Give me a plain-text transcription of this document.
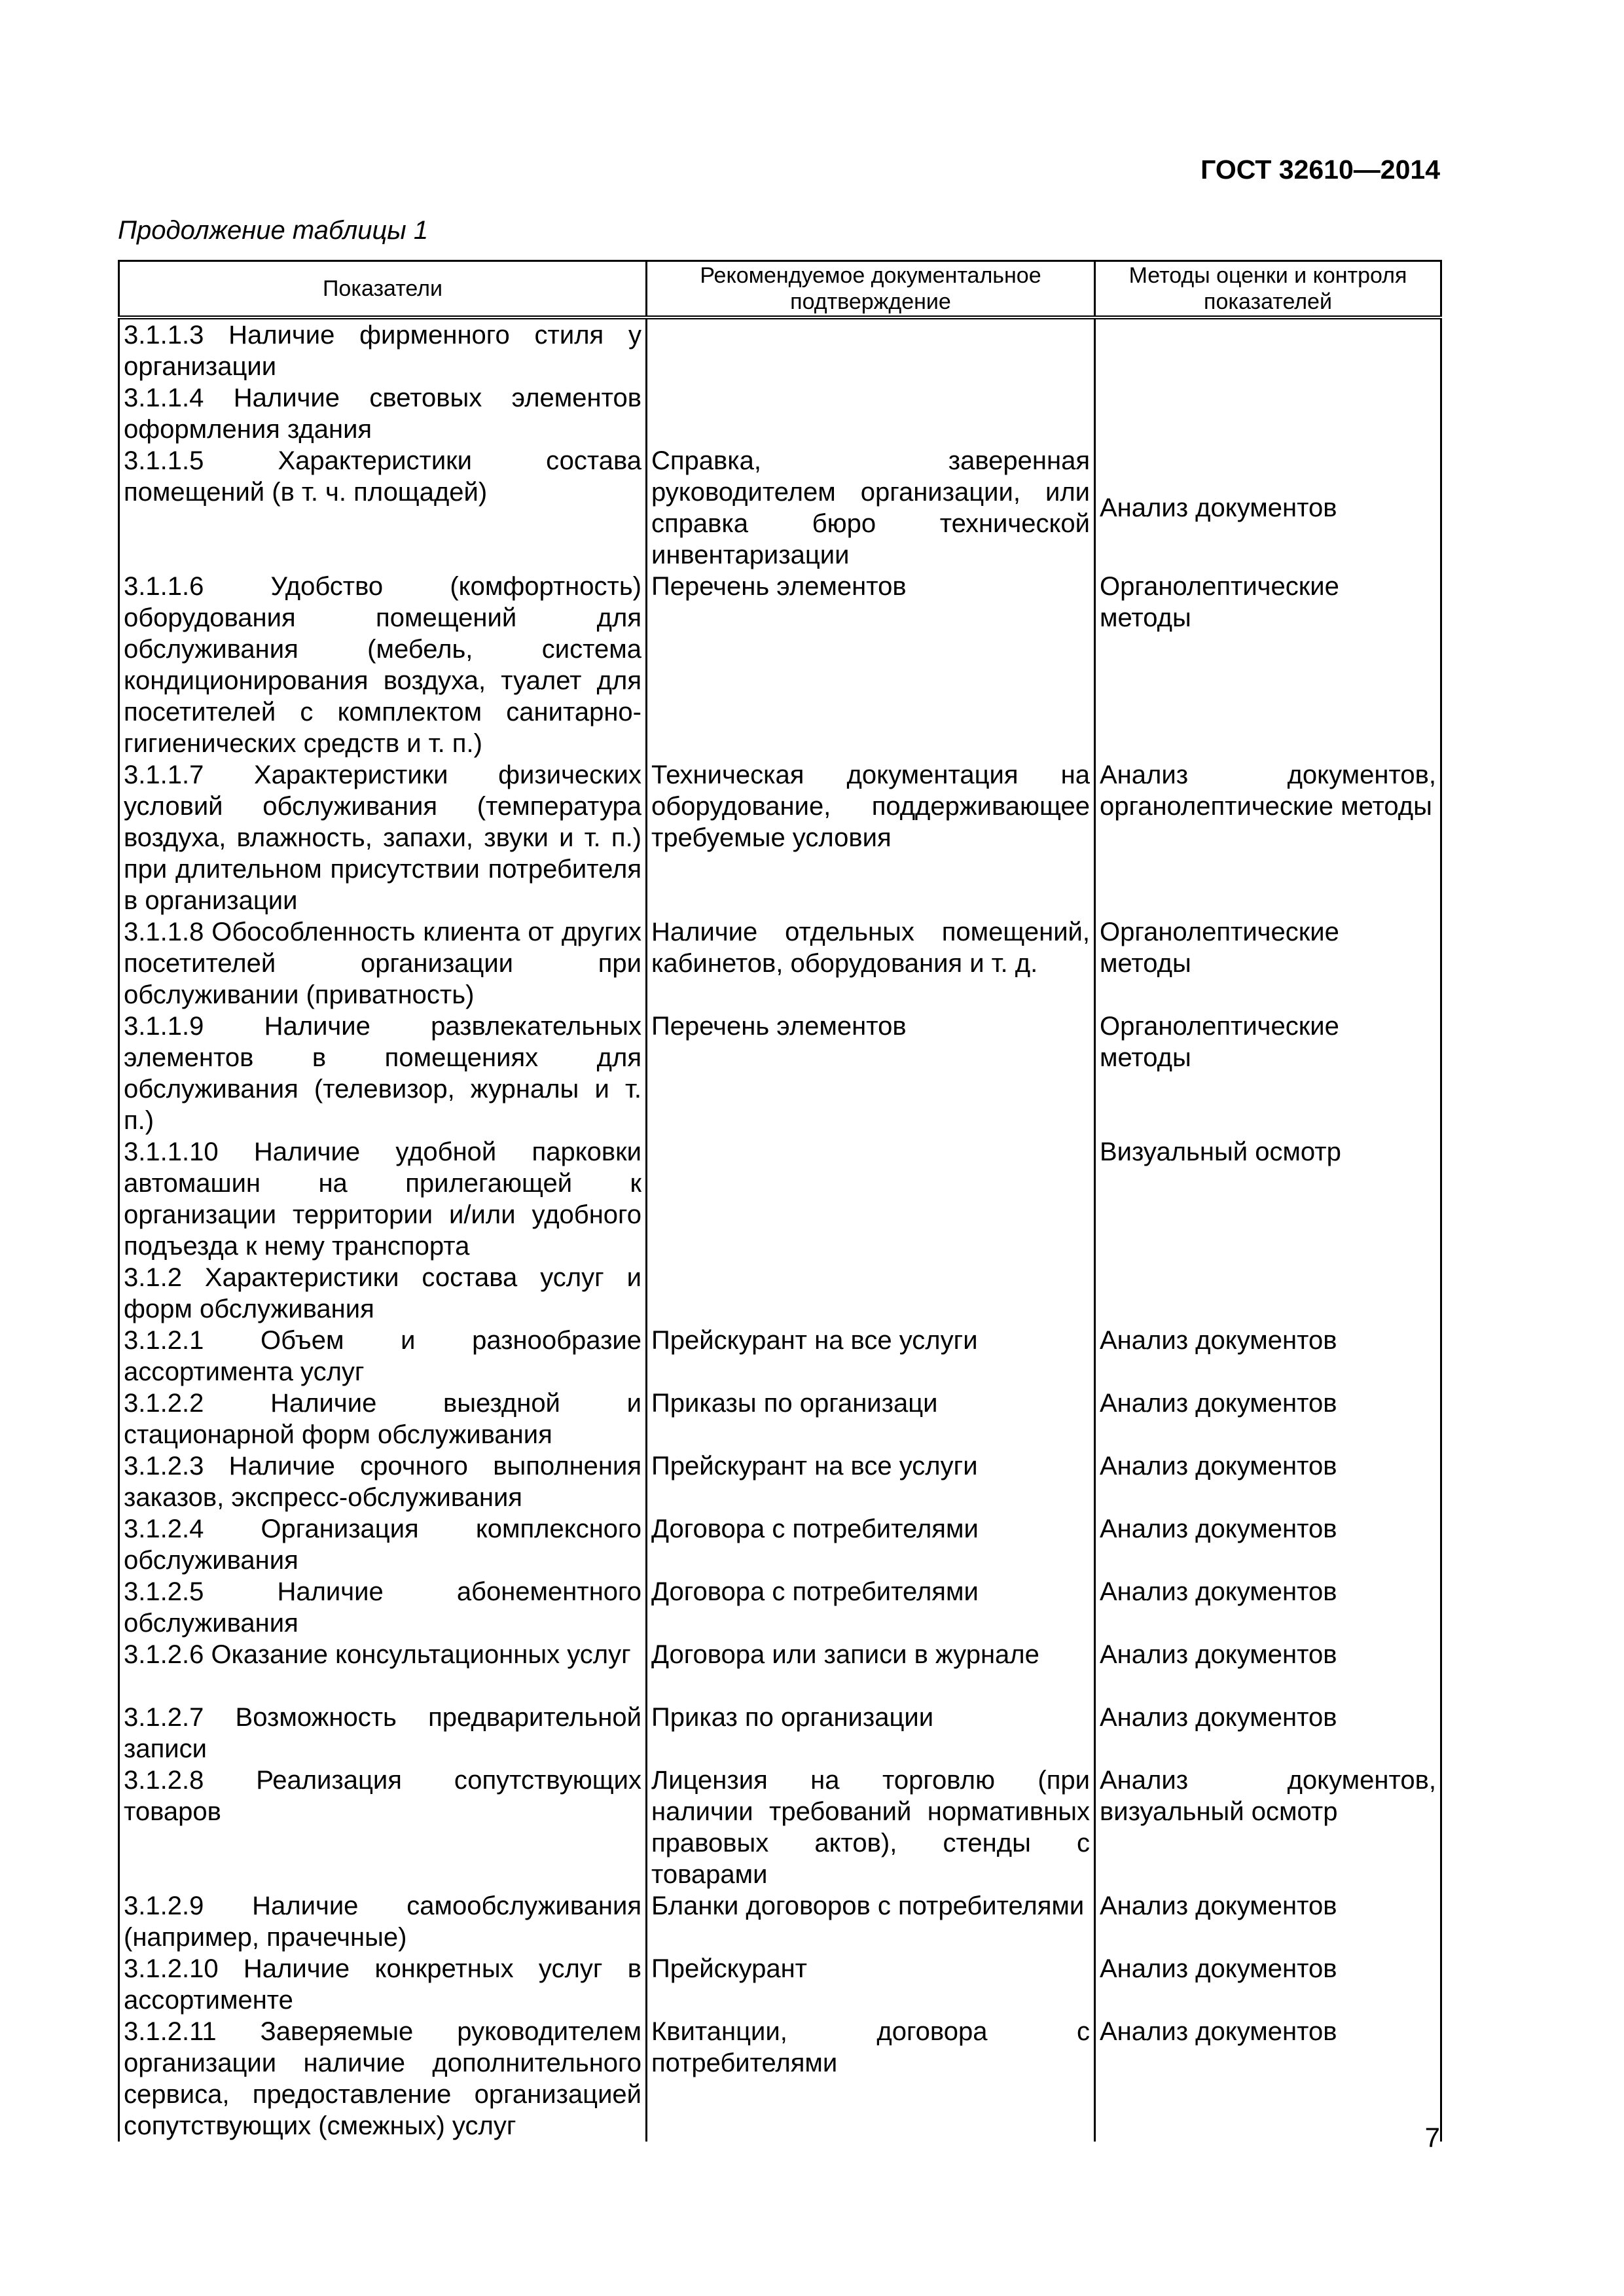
ГОСТ 32610—2014
Продолжение таблицы 1
Показатели	Рекомендуемое документальное подтверждение	Методы оценки и контроля показателей
3.1.1.3 Наличие фирменного стиля у организации		
3.1.1.4 Наличие световых элементов оформления здания		
3.1.1.5 Характеристики состава помещений (в т. ч. площадей)	Справка, заверенная руководителем организации, или справка бюро технической инвентаризации	Анализ документов
3.1.1.6 Удобство (комфортность) оборудования помещений для обслуживания (мебель, система кондиционирования воздуха, туалет для посетителей с комплектом санитарно-гигиенических средств и т. п.)	Перечень элементов	Органолептические методы
3.1.1.7 Характеристики физических условий обслуживания (температура воздуха, влажность, запахи, звуки и т. п.) при длительном присутствии потребителя в организации	Техническая документация на оборудование, поддерживающее требуемые условия	Анализ документов, органолептические методы
3.1.1.8 Обособленность клиента от других посетителей организации при обслуживании (приватность)	Наличие отдельных помещений, кабинетов, оборудования и т. д.	Органолептические методы
3.1.1.9 Наличие развлекательных элементов в помещениях для обслуживания (телевизор, журналы и т. п.)	Перечень элементов	Органолептические методы
3.1.1.10 Наличие удобной парковки автомашин на прилегающей к организации территории и/или удобного подъезда к нему транспорта		Визуальный осмотр
3.1.2 Характеристики состава услуг и форм обслуживания		
3.1.2.1 Объем и разнообразие ассортимента услуг	Прейскурант на все услуги	Анализ документов
3.1.2.2 Наличие выездной и стационарной форм обслуживания	Приказы по организаци	Анализ документов
3.1.2.3 Наличие срочного выполнения заказов, экспресс-обслуживания	Прейскурант на все услуги	Анализ документов
3.1.2.4 Организация комплексного обслуживания	Договора с потребителями	Анализ документов
3.1.2.5 Наличие абонементного обслуживания	Договора с потребителями	Анализ документов
3.1.2.6 Оказание консультационных услуг	Договора или записи в журнале	Анализ документов
3.1.2.7 Возможность предварительной записи	Приказ по организации	Анализ документов
3.1.2.8 Реализация сопутствующих товаров	Лицензия на торговлю (при наличии требований нормативных правовых актов), стенды с товарами	Анализ документов, визуальный осмотр
3.1.2.9 Наличие самообслуживания (например, прачечные)	Бланки договоров с потребителями	Анализ документов
3.1.2.10 Наличие конкретных услуг в ассортименте	Прейскурант	Анализ документов
3.1.2.11 Заверяемые руководителем организации наличие дополнительного сервиса, предоставление организацией сопутствующих (смежных) услуг	Квитанции, договора с потребителями	Анализ документов
7
